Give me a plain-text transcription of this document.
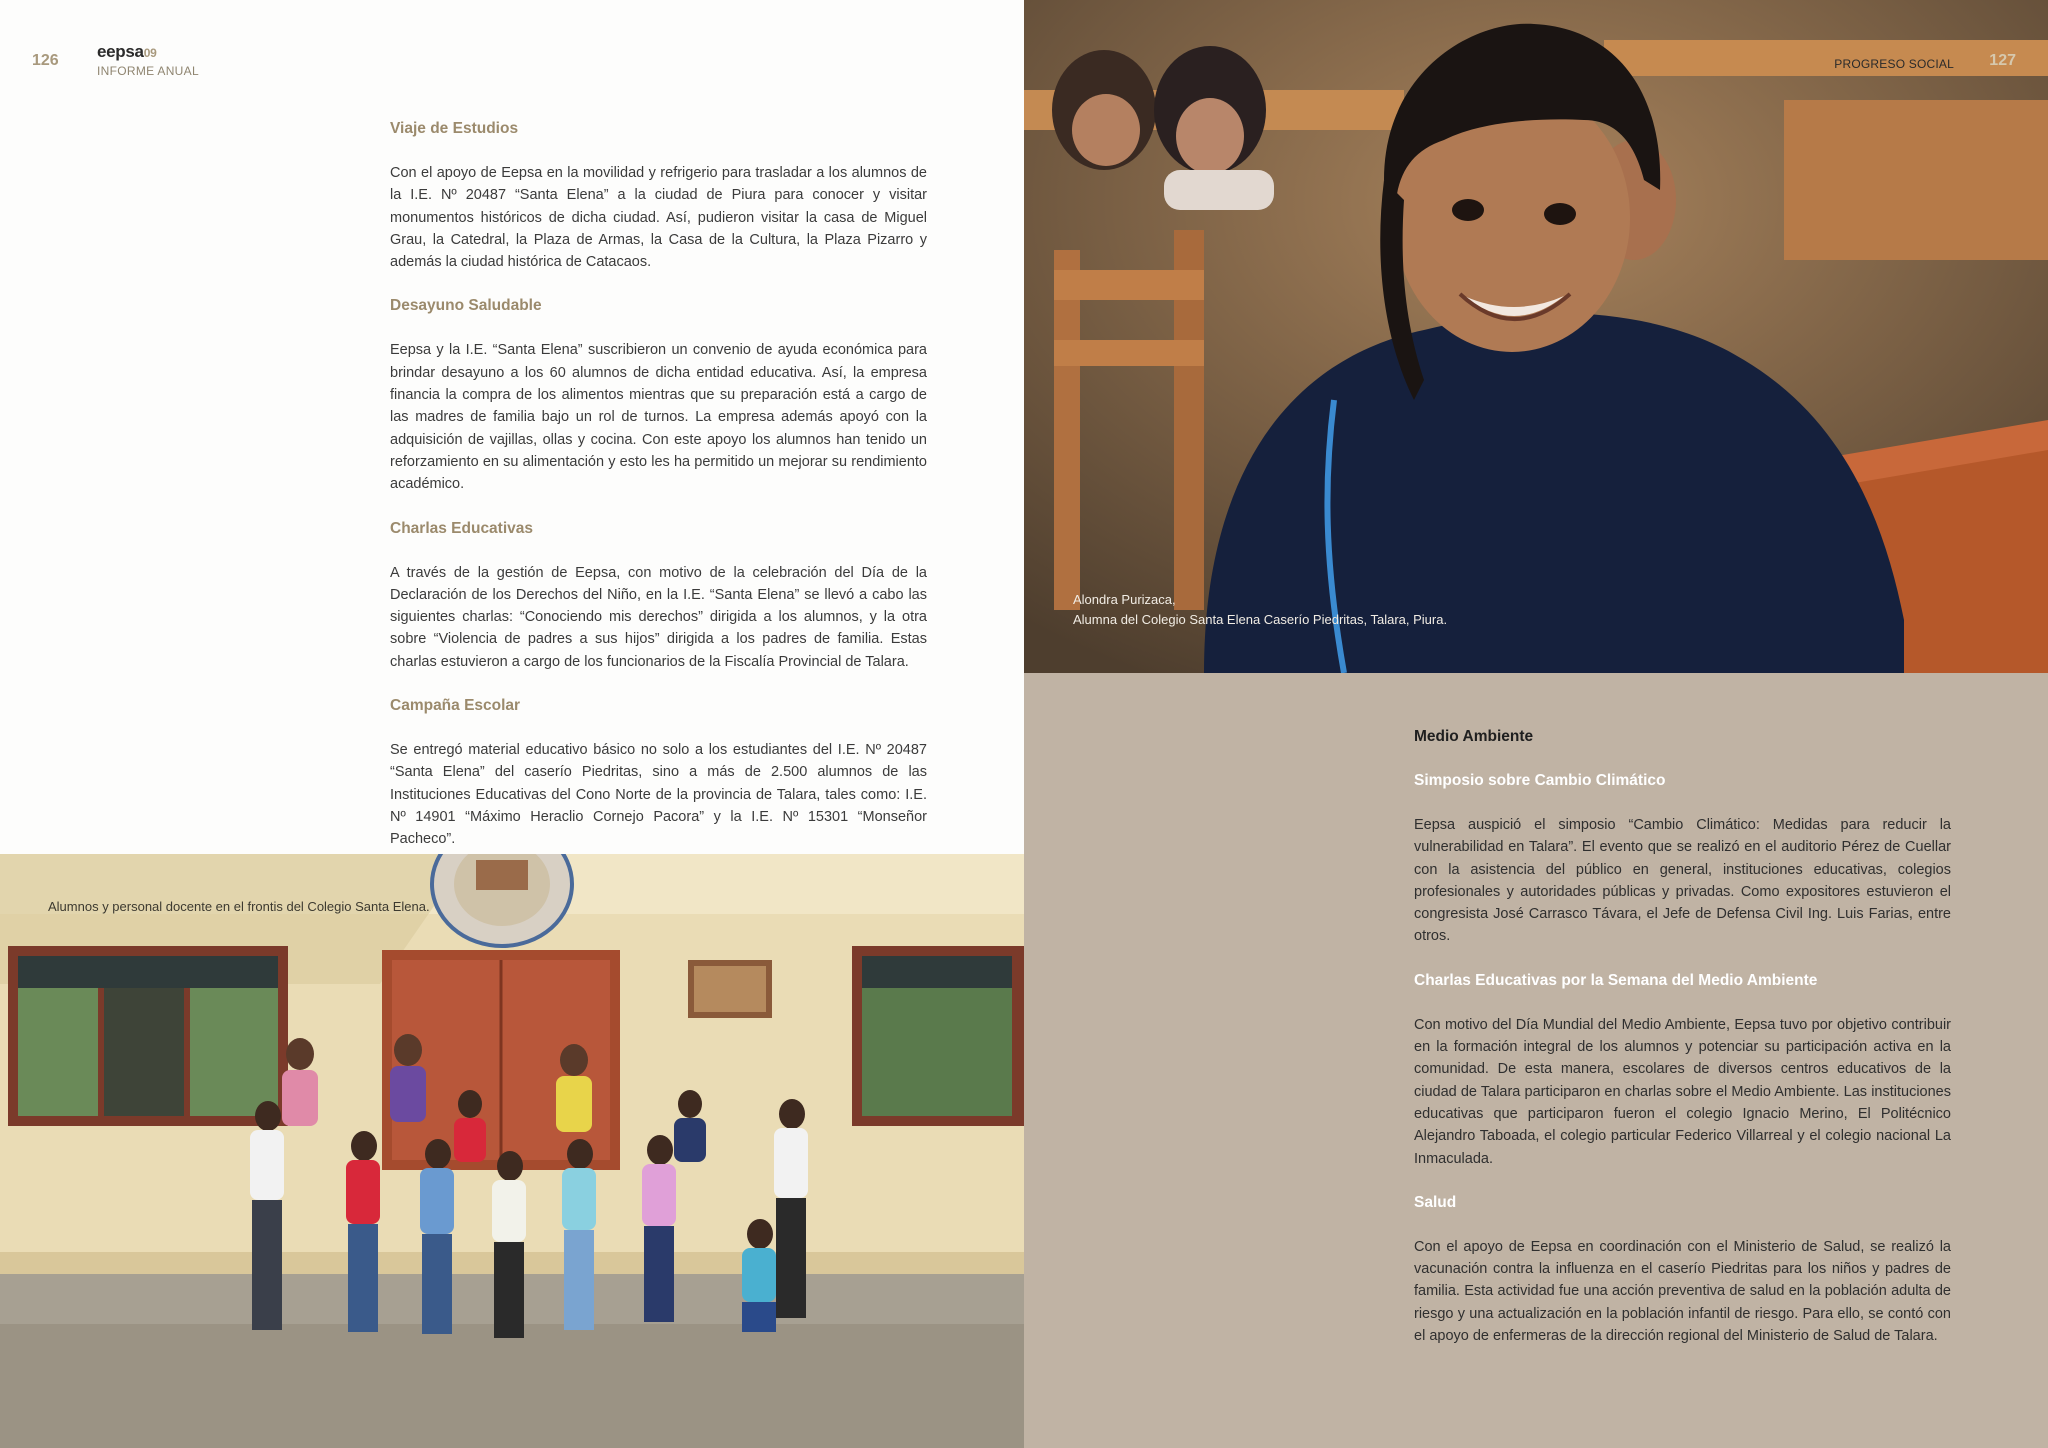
126 eepsa09
INFORME ANUAL
Viaje de Estudios
Con el apoyo de Eepsa en la movilidad y refrigerio para trasladar a los alumnos de la I.E. Nº 20487 “Santa Elena” a la ciudad de Piura para conocer y visitar monumentos históricos de dicha ciudad. Así, pudieron visitar la casa de Miguel Grau, la Catedral, la Plaza de Armas, la Casa de la Cultura, la Plaza Pizarro y además la ciudad histórica de Catacaos.
Desayuno Saludable
Eepsa y la I.E. “Santa Elena” suscribieron un convenio de ayuda económica para brindar desayuno a los 60 alumnos de dicha entidad educativa. Así, la empresa financia la compra de los alimentos mientras que su preparación está a cargo de las madres de familia bajo un rol de turnos. La empresa además apoyó con la adquisición de vajillas, ollas y cocina. Con este apoyo los alumnos han tenido un reforzamiento en su alimentación y esto les ha permitido un mejorar su rendimiento académico.
Charlas Educativas
A través de la gestión de Eepsa, con motivo de la celebración del Día de la Declaración de los Derechos del Niño, en la I.E. “Santa Elena” se llevó a cabo las siguientes charlas: “Conociendo mis derechos” dirigida a los alumnos, y la otra sobre “Violencia de padres a sus hijos” dirigida a los padres de familia. Estas charlas estuvieron a cargo de los funcionarios de la Fiscalía Provincial de Talara.
Campaña Escolar
Se entregó material educativo básico no solo a los estudiantes del I.E. Nº 20487 “Santa Elena” del caserío Piedritas, sino a más de 2.500 alumnos de las Instituciones Educativas del Cono Norte de la provincia de Talara, tales como: I.E. Nº 14901 “Máximo Heraclio Cornejo Pacora” y la I.E. Nº 15301 “Monseñor Pacheco”.
Alumnos y personal docente en el frontis del Colegio Santa Elena.
PROGRESO SOCIAL 127
Alondra Purizaca,
Alumna del Colegio Santa Elena Caserío Piedritas, Talara, Piura.
Medio Ambiente
Simposio sobre Cambio Climático
Eepsa auspició el simposio “Cambio Climático: Medidas para reducir la vulnerabilidad en Talara”. El evento que se realizó en el auditorio Pérez de Cuellar con la asistencia del público en general, instituciones educativas, colegios profesionales y autoridades públicas y privadas. Como expositores estuvieron el congresista José Carrasco Távara, el Jefe de Defensa Civil Ing. Luis Farias, entre otros.
Charlas Educativas por la Semana del Medio Ambiente
Con motivo del Día Mundial del Medio Ambiente, Eepsa tuvo por objetivo contribuir en la formación integral de los alumnos y potenciar su participación activa en la comunidad. De esta manera, escolares de diversos centros educativos de la ciudad de Talara participaron en charlas sobre el Medio Ambiente. Las instituciones educativas que participaron fueron el colegio Ignacio Merino, El Politécnico Alejandro Taboada, el colegio particular Federico Villarreal y el colegio nacional La Inmaculada.
Salud
Con el apoyo de Eepsa en coordinación con el Ministerio de Salud, se realizó la vacunación contra la influenza en el caserío Piedritas para los niños y padres de familia. Esta actividad fue una acción preventiva de salud en la población adulta de riesgo y una actualización en la población infantil de riesgo. Para ello, se contó con el apoyo de enfermeras de la dirección regional del Ministerio de Salud de Talara.
